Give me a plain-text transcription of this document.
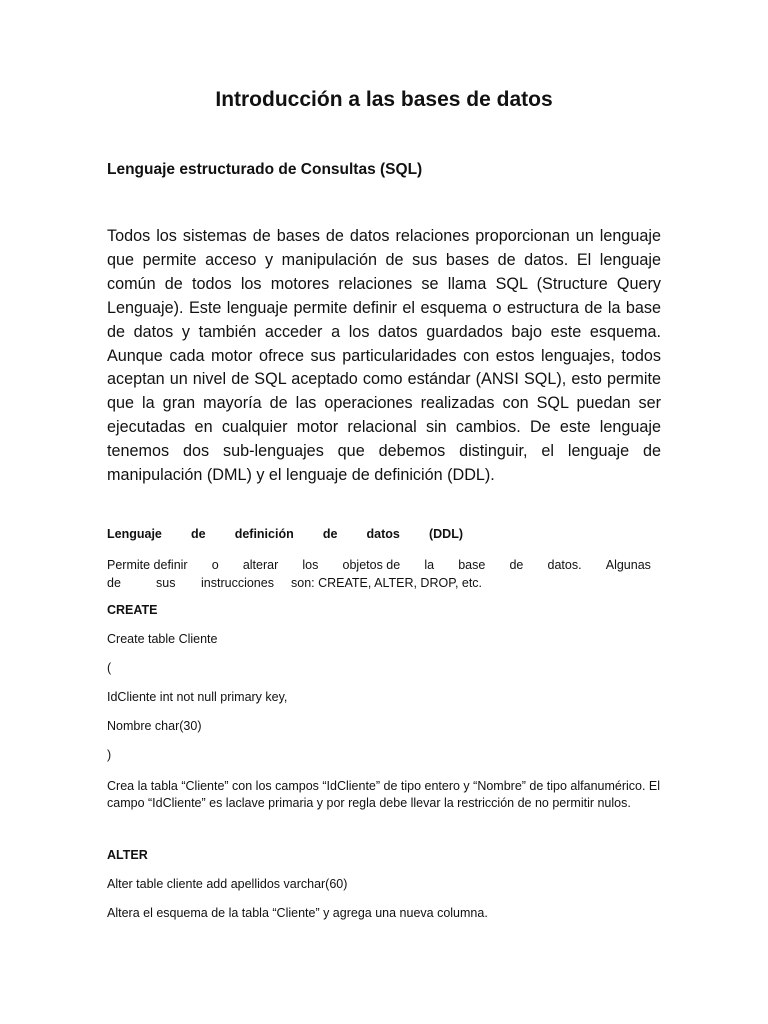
Introducción a las bases de datos
Lenguaje estructurado de Consultas (SQL)

Todos los sistemas de bases de datos relaciones proporcionan un lenguaje que permite acceso y manipulación de sus bases de datos. El lenguaje común de todos los motores relaciones se llama SQL (Structure Query Lenguaje). Este lenguaje permite definir el esquema o estructura de la base de datos y también acceder a los datos guardados bajo este esquema. Aunque cada motor ofrece sus particularidades con estos lenguajes, todos aceptan un nivel de SQL aceptado como estándar (ANSI SQL), esto permite que la gran mayoría de las operaciones realizadas con SQL puedan ser ejecutadas en cualquier motor relacional sin cambios. De este lenguaje tenemos dos sub-lenguajes que debemos distinguir, el lenguaje de manipulación (DML) y el lenguaje de definición (DDL).

Lenguaje de definición de datos (DDL)
Permite definir o alterar los objetos de la base de datos. Algunas
de	sus	instrucciones	son: CREATE, ALTER, DROP, etc.
CREATE
Create table Cliente
(
IdCliente int not null primary key,
Nombre char(30)
)
Crea la tabla “Cliente” con los campos “IdCliente” de tipo entero y “Nombre” de tipo alfanumérico. El campo “IdCliente” es laclave primaria y por regla debe llevar la restricción de no permitir nulos.
ALTER
Alter table cliente add apellidos varchar(60)
Altera el esquema de la tabla “Cliente” y agrega una nueva columna.
